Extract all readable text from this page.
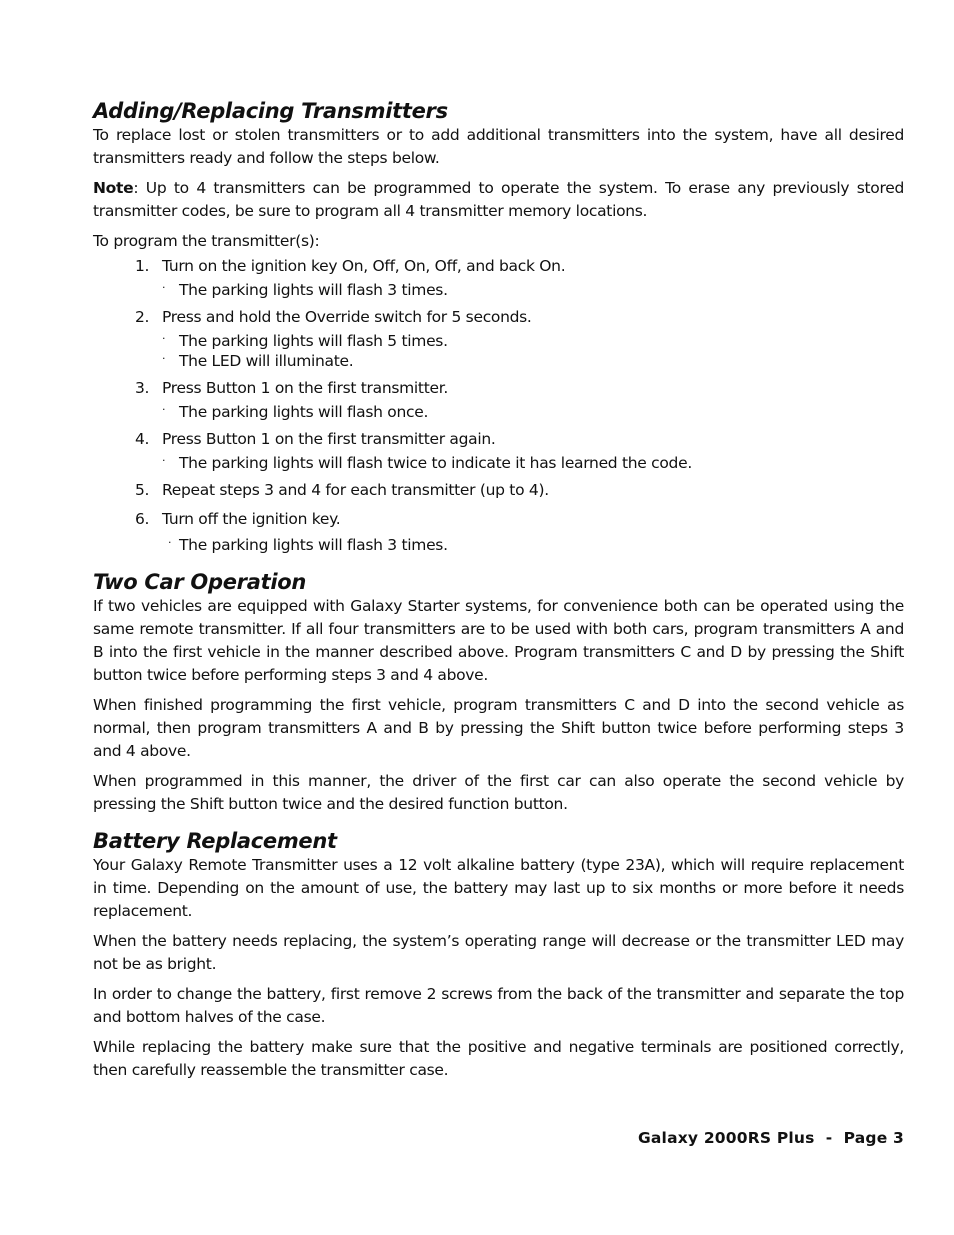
Adding/Replacing Transmitters

To replace lost or stolen transmitters or to add additional transmitters into the system, have all desired transmitters ready and follow the steps below.

Note: Up to 4 transmitters can be programmed to operate the system. To erase any previously stored transmitter codes, be sure to program all 4 transmitter memory locations.

To program the transmitter(s):

1. Turn on the ignition key On, Off, On, Off, and back On.
· The parking lights will flash 3 times.
2. Press and hold the Override switch for 5 seconds.
· The parking lights will flash 5 times.
· The LED will illuminate.
3. Press Button 1 on the first transmitter.
· The parking lights will flash once.
4. Press Button 1 on the first transmitter again.
· The parking lights will flash twice to indicate it has learned the code.
5. Repeat steps 3 and 4 for each transmitter (up to 4).
6. Turn off the ignition key.
· The parking lights will flash 3 times.
Two Car Operation

If two vehicles are equipped with Galaxy Starter systems, for convenience both can be operated using the same remote transmitter. If all four transmitters are to be used with both cars, program transmitters A and B into the first vehicle in the manner described above. Program transmitters C and D by pressing the Shift button twice before performing steps 3 and 4 above.

When finished programming the first vehicle, program transmitters C and D into the second vehicle as normal, then program transmitters A and B by pressing the Shift button twice before performing steps 3 and 4 above.

When programmed in this manner, the driver of the first car can also operate the second vehicle by pressing the Shift button twice and the desired function button.

Battery Replacement

Your Galaxy Remote Transmitter uses a 12 volt alkaline battery (type 23A), which will require replacement in time. Depending on the amount of use, the battery may last up to six months or more before it needs replacement.

When the battery needs replacing, the system’s operating range will decrease or the transmitter LED may not be as bright.

In order to change the battery, first remove 2 screws from the back of the transmitter and separate the top and bottom halves of the case.

While replacing the battery make sure that the positive and negative terminals are positioned correctly, then carefully reassemble the transmitter case.

Galaxy 2000RS Plus  -  Page 3
